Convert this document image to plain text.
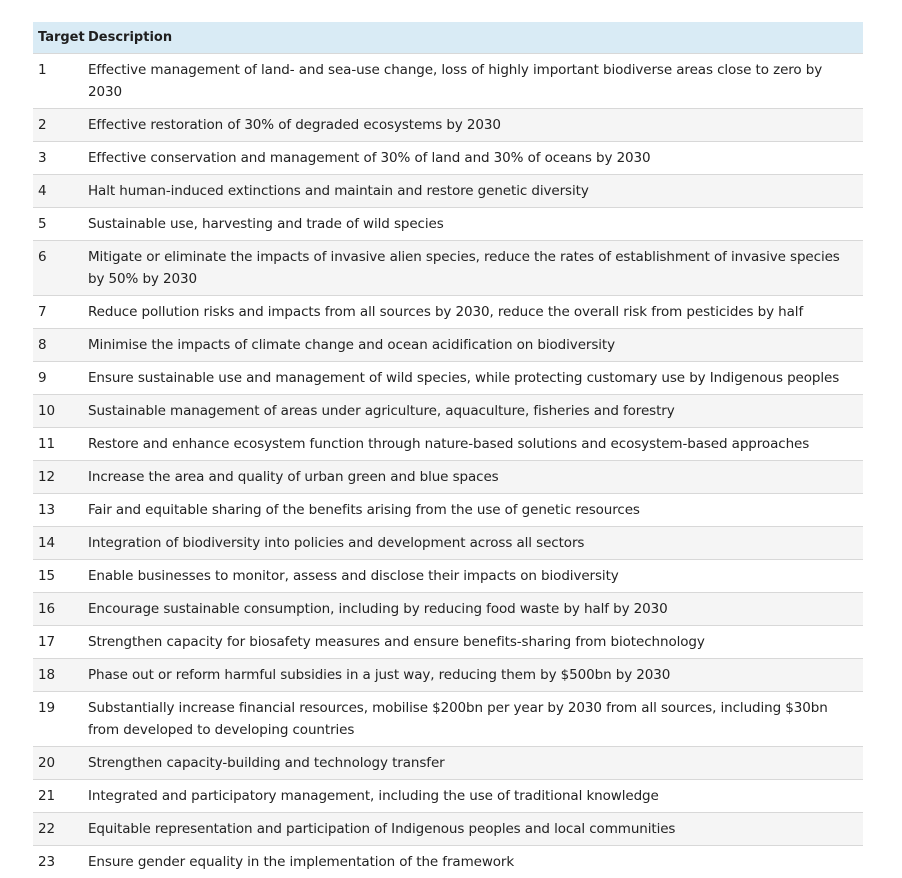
Target	Description
1	Effective management of land- and sea-use change, loss of highly important biodiverse areas close to zero by 2030
2	Effective restoration of 30% of degraded ecosystems by 2030
3	Effective conservation and management of 30% of land and 30% of oceans by 2030
4	Halt human-induced extinctions and maintain and restore genetic diversity
5	Sustainable use, harvesting and trade of wild species
6	Mitigate or eliminate the impacts of invasive alien species, reduce the rates of establishment of invasive species by 50% by 2030
7	Reduce pollution risks and impacts from all sources by 2030, reduce the overall risk from pesticides by half
8	Minimise the impacts of climate change and ocean acidification on biodiversity
9	Ensure sustainable use and management of wild species, while protecting customary use by Indigenous peoples
10	Sustainable management of areas under agriculture, aquaculture, fisheries and forestry
11	Restore and enhance ecosystem function through nature-based solutions and ecosystem-based approaches
12	Increase the area and quality of urban green and blue spaces
13	Fair and equitable sharing of the benefits arising from the use of genetic resources
14	Integration of biodiversity into policies and development across all sectors
15	Enable businesses to monitor, assess and disclose their impacts on biodiversity
16	Encourage sustainable consumption, including by reducing food waste by half by 2030
17	Strengthen capacity for biosafety measures and ensure benefits-sharing from biotechnology
18	Phase out or reform harmful subsidies in a just way, reducing them by $500bn by 2030
19	Substantially increase financial resources, mobilise $200bn per year by 2030 from all sources, including $30bn from developed to developing countries
20	Strengthen capacity-building and technology transfer
21	Integrated and participatory management, including the use of traditional knowledge
22	Equitable representation and participation of Indigenous peoples and local communities
23	Ensure gender equality in the implementation of the framework
